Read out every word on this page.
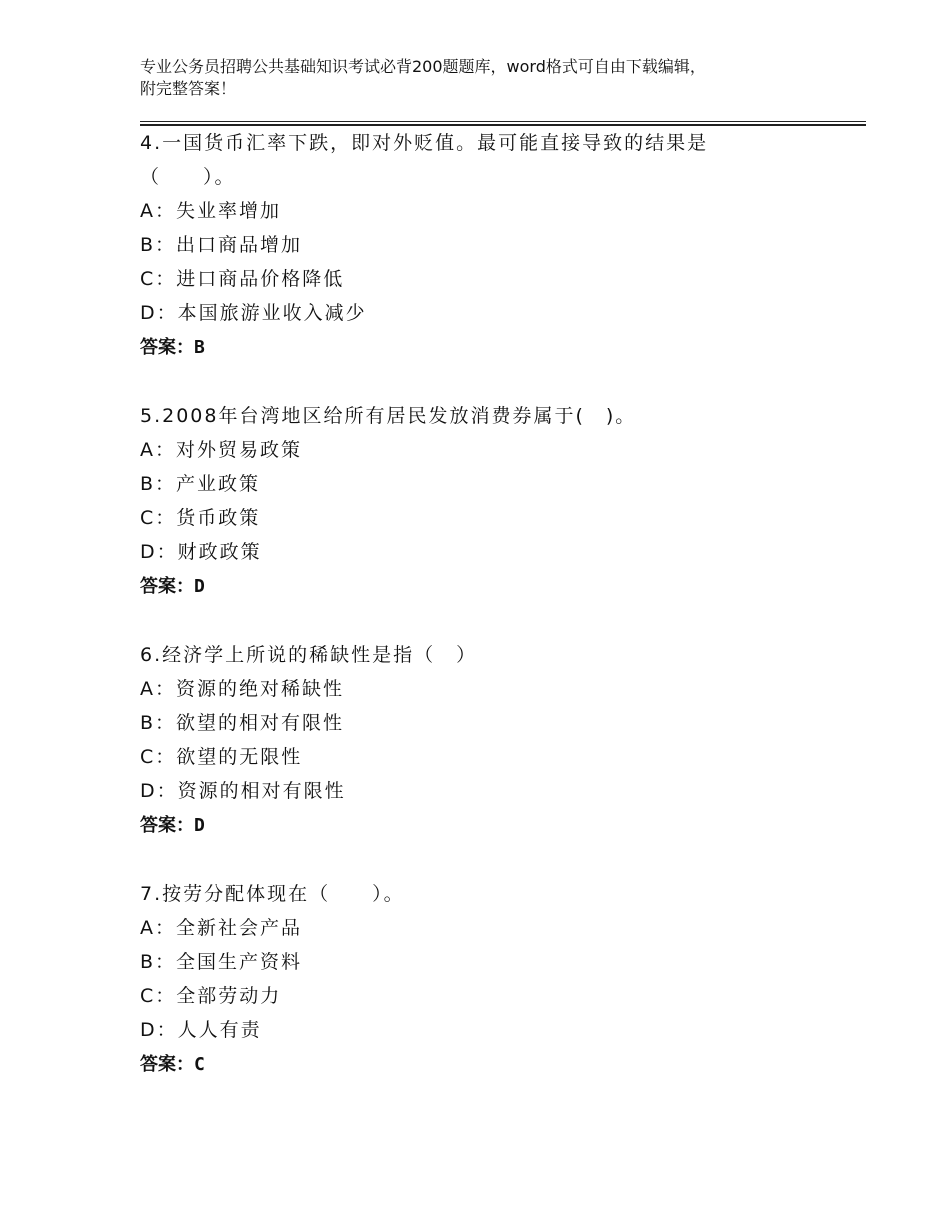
专业公务员招聘公共基础知识考试必背200题题库，word格式可自由下载编辑，
附完整答案！
4.一国货币汇率下跌，即对外贬值。最可能直接导致的结果是
（　　）。
A：失业率增加
B：出口商品增加
C：进口商品价格降低
D：本国旅游业收入减少
答案：B
5.2008年台湾地区给所有居民发放消费券属于(　)。
A：对外贸易政策
B：产业政策
C：货币政策
D：财政政策
答案：D
6.经济学上所说的稀缺性是指（　）
A：资源的绝对稀缺性
B：欲望的相对有限性
C：欲望的无限性
D：资源的相对有限性
答案：D
7.按劳分配体现在（　　）。
A：全新社会产品
B：全国生产资料
C：全部劳动力
D：人人有责
答案：C
